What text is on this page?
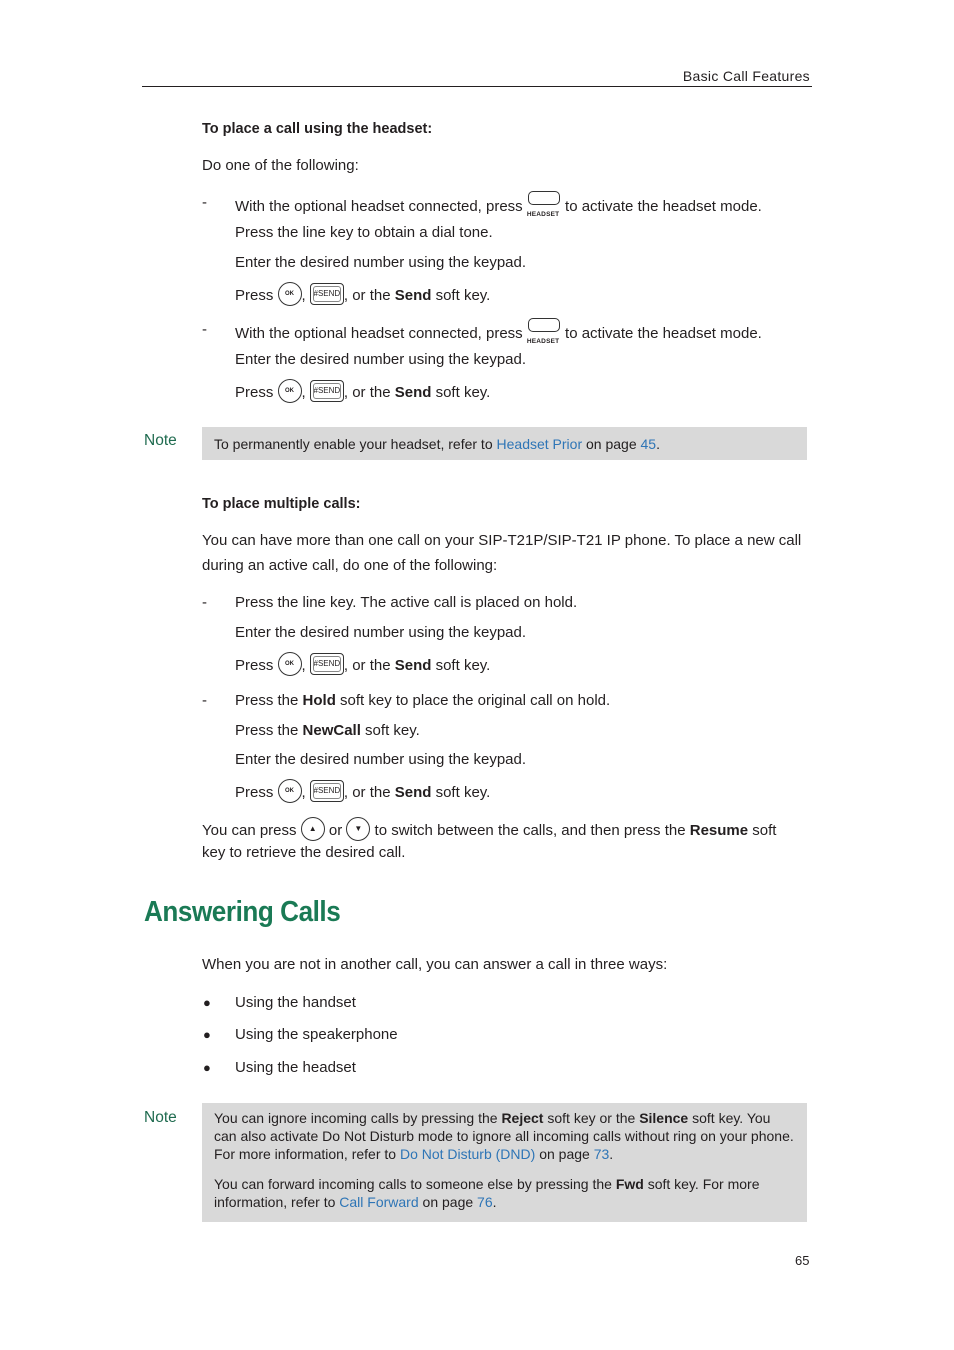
Basic Call Features
To place a call using the headset:
Do one of the following:
- With the optional headset connected, press HEADSET to activate the headset mode.
Press the line key to obtain a dial tone.
Enter the desired number using the keypad.
Press OK , #SEND , or the Send soft key.
- With the optional headset connected, press HEADSET to activate the headset mode.
Enter the desired number using the keypad.
Press OK , #SEND , or the Send soft key.
Note	To permanently enable your headset, refer to Headset Prior on page 45.
To place multiple calls:
You can have more than one call on your SIP-T21P/SIP-T21 IP phone. To place a new call
during an active call, do one of the following:
- Press the line key. The active call is placed on hold.
Enter the desired number using the keypad.
Press OK , #SEND , or the Send soft key.
- Press the Hold soft key to place the original call on hold.
Press the NewCall soft key.
Enter the desired number using the keypad.
Press OK , #SEND , or the Send soft key.
You can press ▲ or ▼ to switch between the calls, and then press the Resume soft
key to retrieve the desired call.
Answering Calls
When you are not in another call, you can answer a call in three ways:
● Using the handset
● Using the speakerphone
● Using the headset
Note	You can ignore incoming calls by pressing the Reject soft key or the Silence soft key. You can also activate Do Not Disturb mode to ignore all incoming calls without ring on your phone. For more information, refer to Do Not Disturb (DND) on page 73.
You can forward incoming calls to someone else by pressing the Fwd soft key. For more information, refer to Call Forward on page 76.
65
